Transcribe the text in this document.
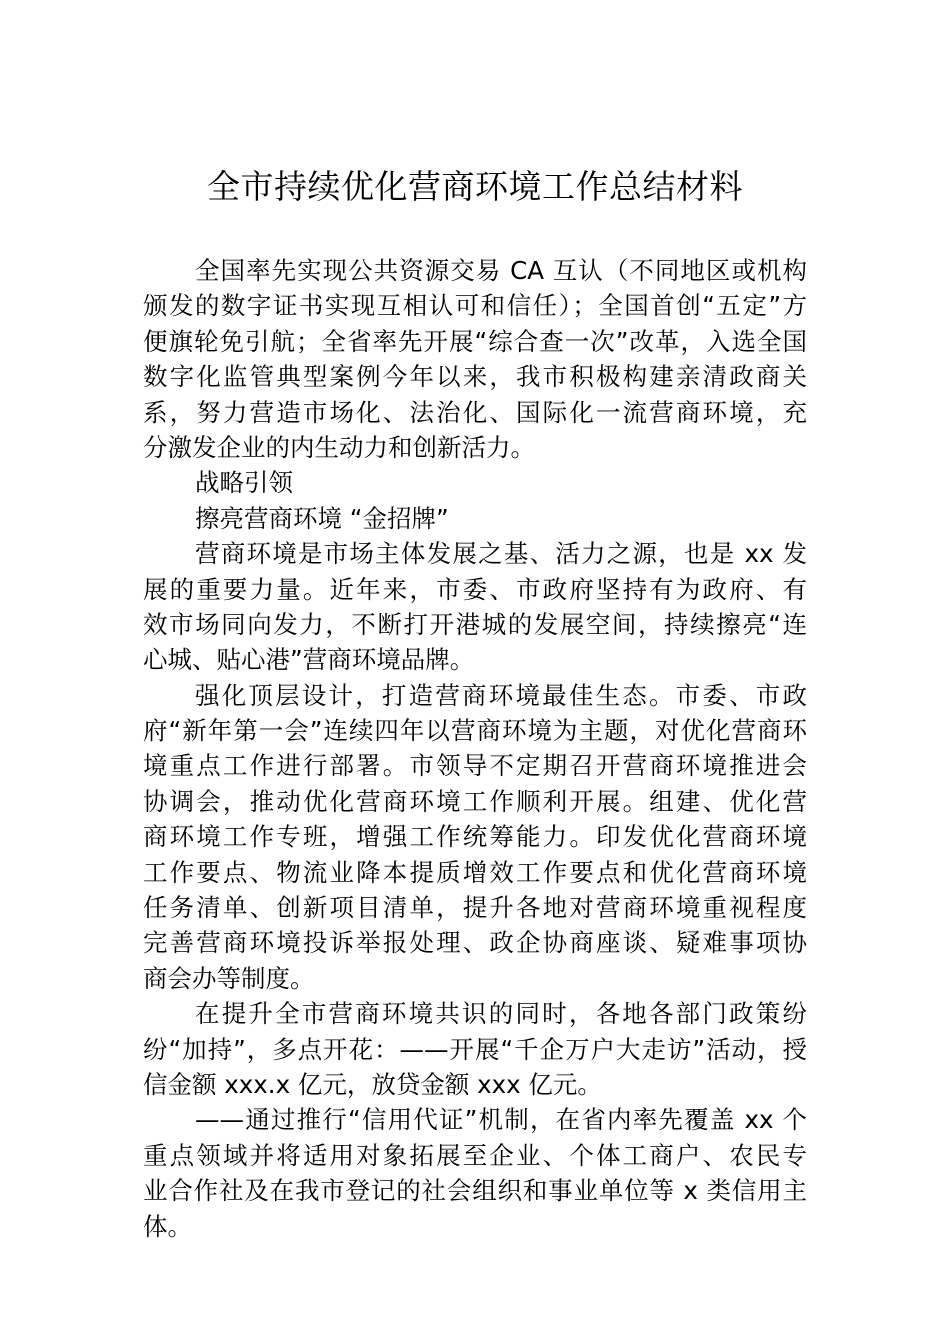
全市持续优化营商环境工作总结材料
全国率先实现公共资源交易 CA 互认（不同地区或机构
颁发的数字证书实现互相认可和信任）；全国首创“五定”方
便旗轮免引航；全省率先开展“综合查一次”改革，入选全国
数字化监管典型案例今年以来，我市积极构建亲清政商关
系，努力营造市场化、法治化、国际化一流营商环境，充
分激发企业的内生动力和创新活力。
战略引领
擦亮营商环境 “金招牌”
营商环境是市场主体发展之基、活力之源，也是 xx 发
展的重要力量。近年来，市委、市政府坚持有为政府、有
效市场同向发力，不断打开港城的发展空间，持续擦亮“连
心城、贴心港”营商环境品牌。
强化顶层设计，打造营商环境最佳生态。市委、市政
府“新年第一会”连续四年以营商环境为主题，对优化营商环
境重点工作进行部署。市领导不定期召开营商环境推进会
协调会，推动优化营商环境工作顺利开展。组建、优化营
商环境工作专班，增强工作统筹能力。印发优化营商环境
工作要点、物流业降本提质增效工作要点和优化营商环境
任务清单、创新项目清单，提升各地对营商环境重视程度
完善营商环境投诉举报处理、政企协商座谈、疑难事项协
商会办等制度。
在提升全市营商环境共识的同时，各地各部门政策纷
纷“加持”，多点开花：——开展“千企万户大走访”活动，授
信金额 xxx.x 亿元，放贷金额 xxx 亿元。
——通过推行“信用代证”机制，在省内率先覆盖 xx 个
重点领域并将适用对象拓展至企业、个体工商户、农民专
业合作社及在我市登记的社会组织和事业单位等 x 类信用主
体。
